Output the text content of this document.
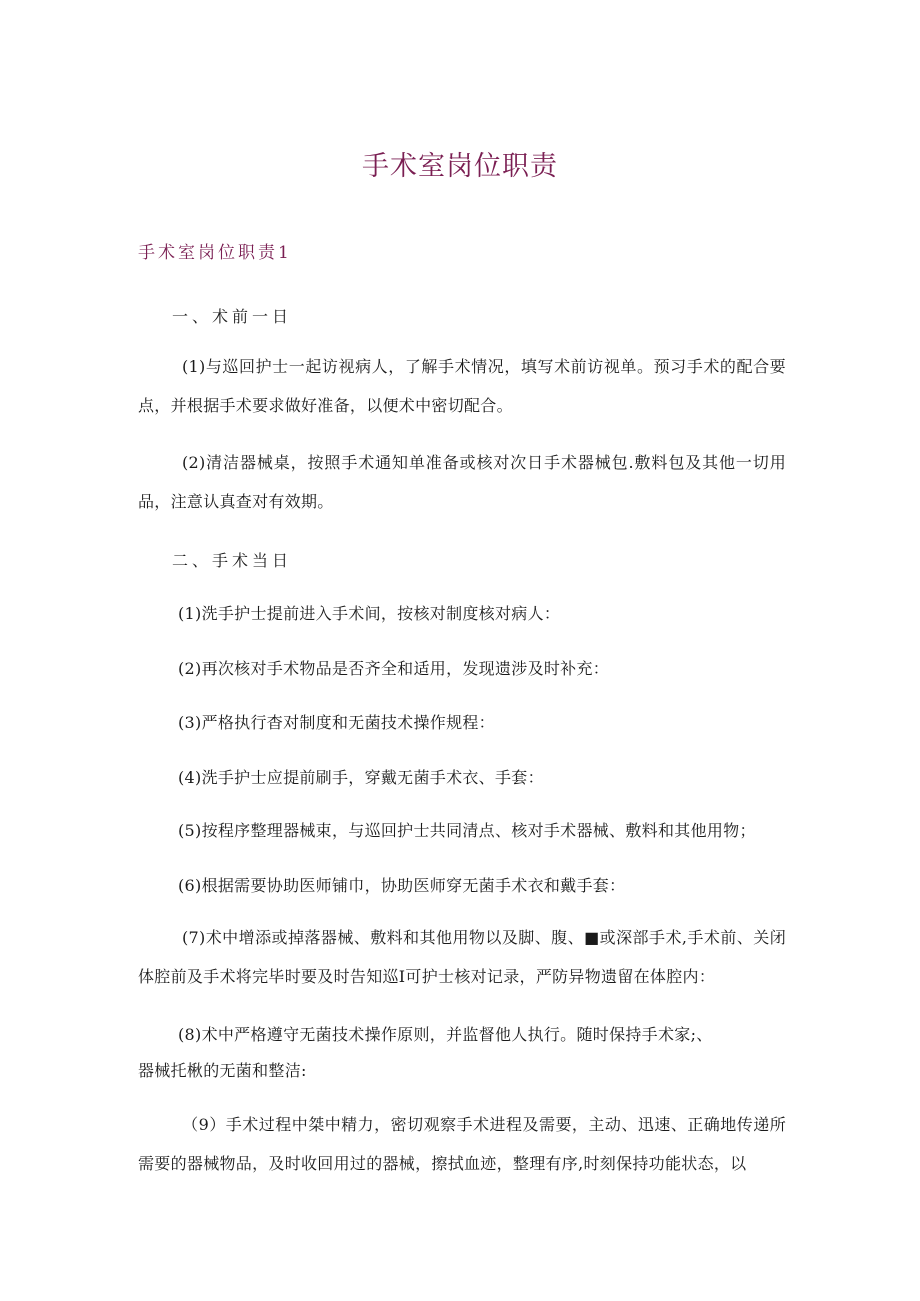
手术室岗位职责
手术室岗位职责1
一、术前一日
(1)与巡回护士一起访视病人，了解手术情况，填写术前访视单。预习手术的配合要点，并根据手术要求做好准备，以便术中密切配合。
(2)清洁器械桌，按照手术通知单准备或核对次日手术器械包.敷料包及其他一切用品，注意认真查对有效期。
二、手术当日
(1)洗手护士提前进入手术间，按核对制度核对病人：
(2)再次核对手术物品是否齐全和适用，发现遗涉及时补充：
(3)严格执行杳对制度和无菌技术操作规程：
(4)洗手护士应提前刷手，穿戴无菌手术衣、手套：
(5)按程序整理器械束，与巡回护士共同清点、核对手术器械、敷料和其他用物；
(6)根据需要协助医师铺巾，协助医师穿无菌手术衣和戴手套：
(7)术中增添或掉落器械、敷料和其他用物以及脚、腹、■或深部手术,手术前、关闭体腔前及手术将完毕时要及时告知巡I可护士核对记录，严防异物遗留在体腔内：
(8)术中严格遵守无菌技术操作原则，并监督他人执行。随时保持手术家;、
器械托楸的无菌和整洁:
（9）手术过程中桀中精力，密切观察手术进程及需要，主动、迅速、正确地传递所需要的器械物品，及时收回用过的器械，擦拭血迹，整理有序,时刻保持功能状态，以
